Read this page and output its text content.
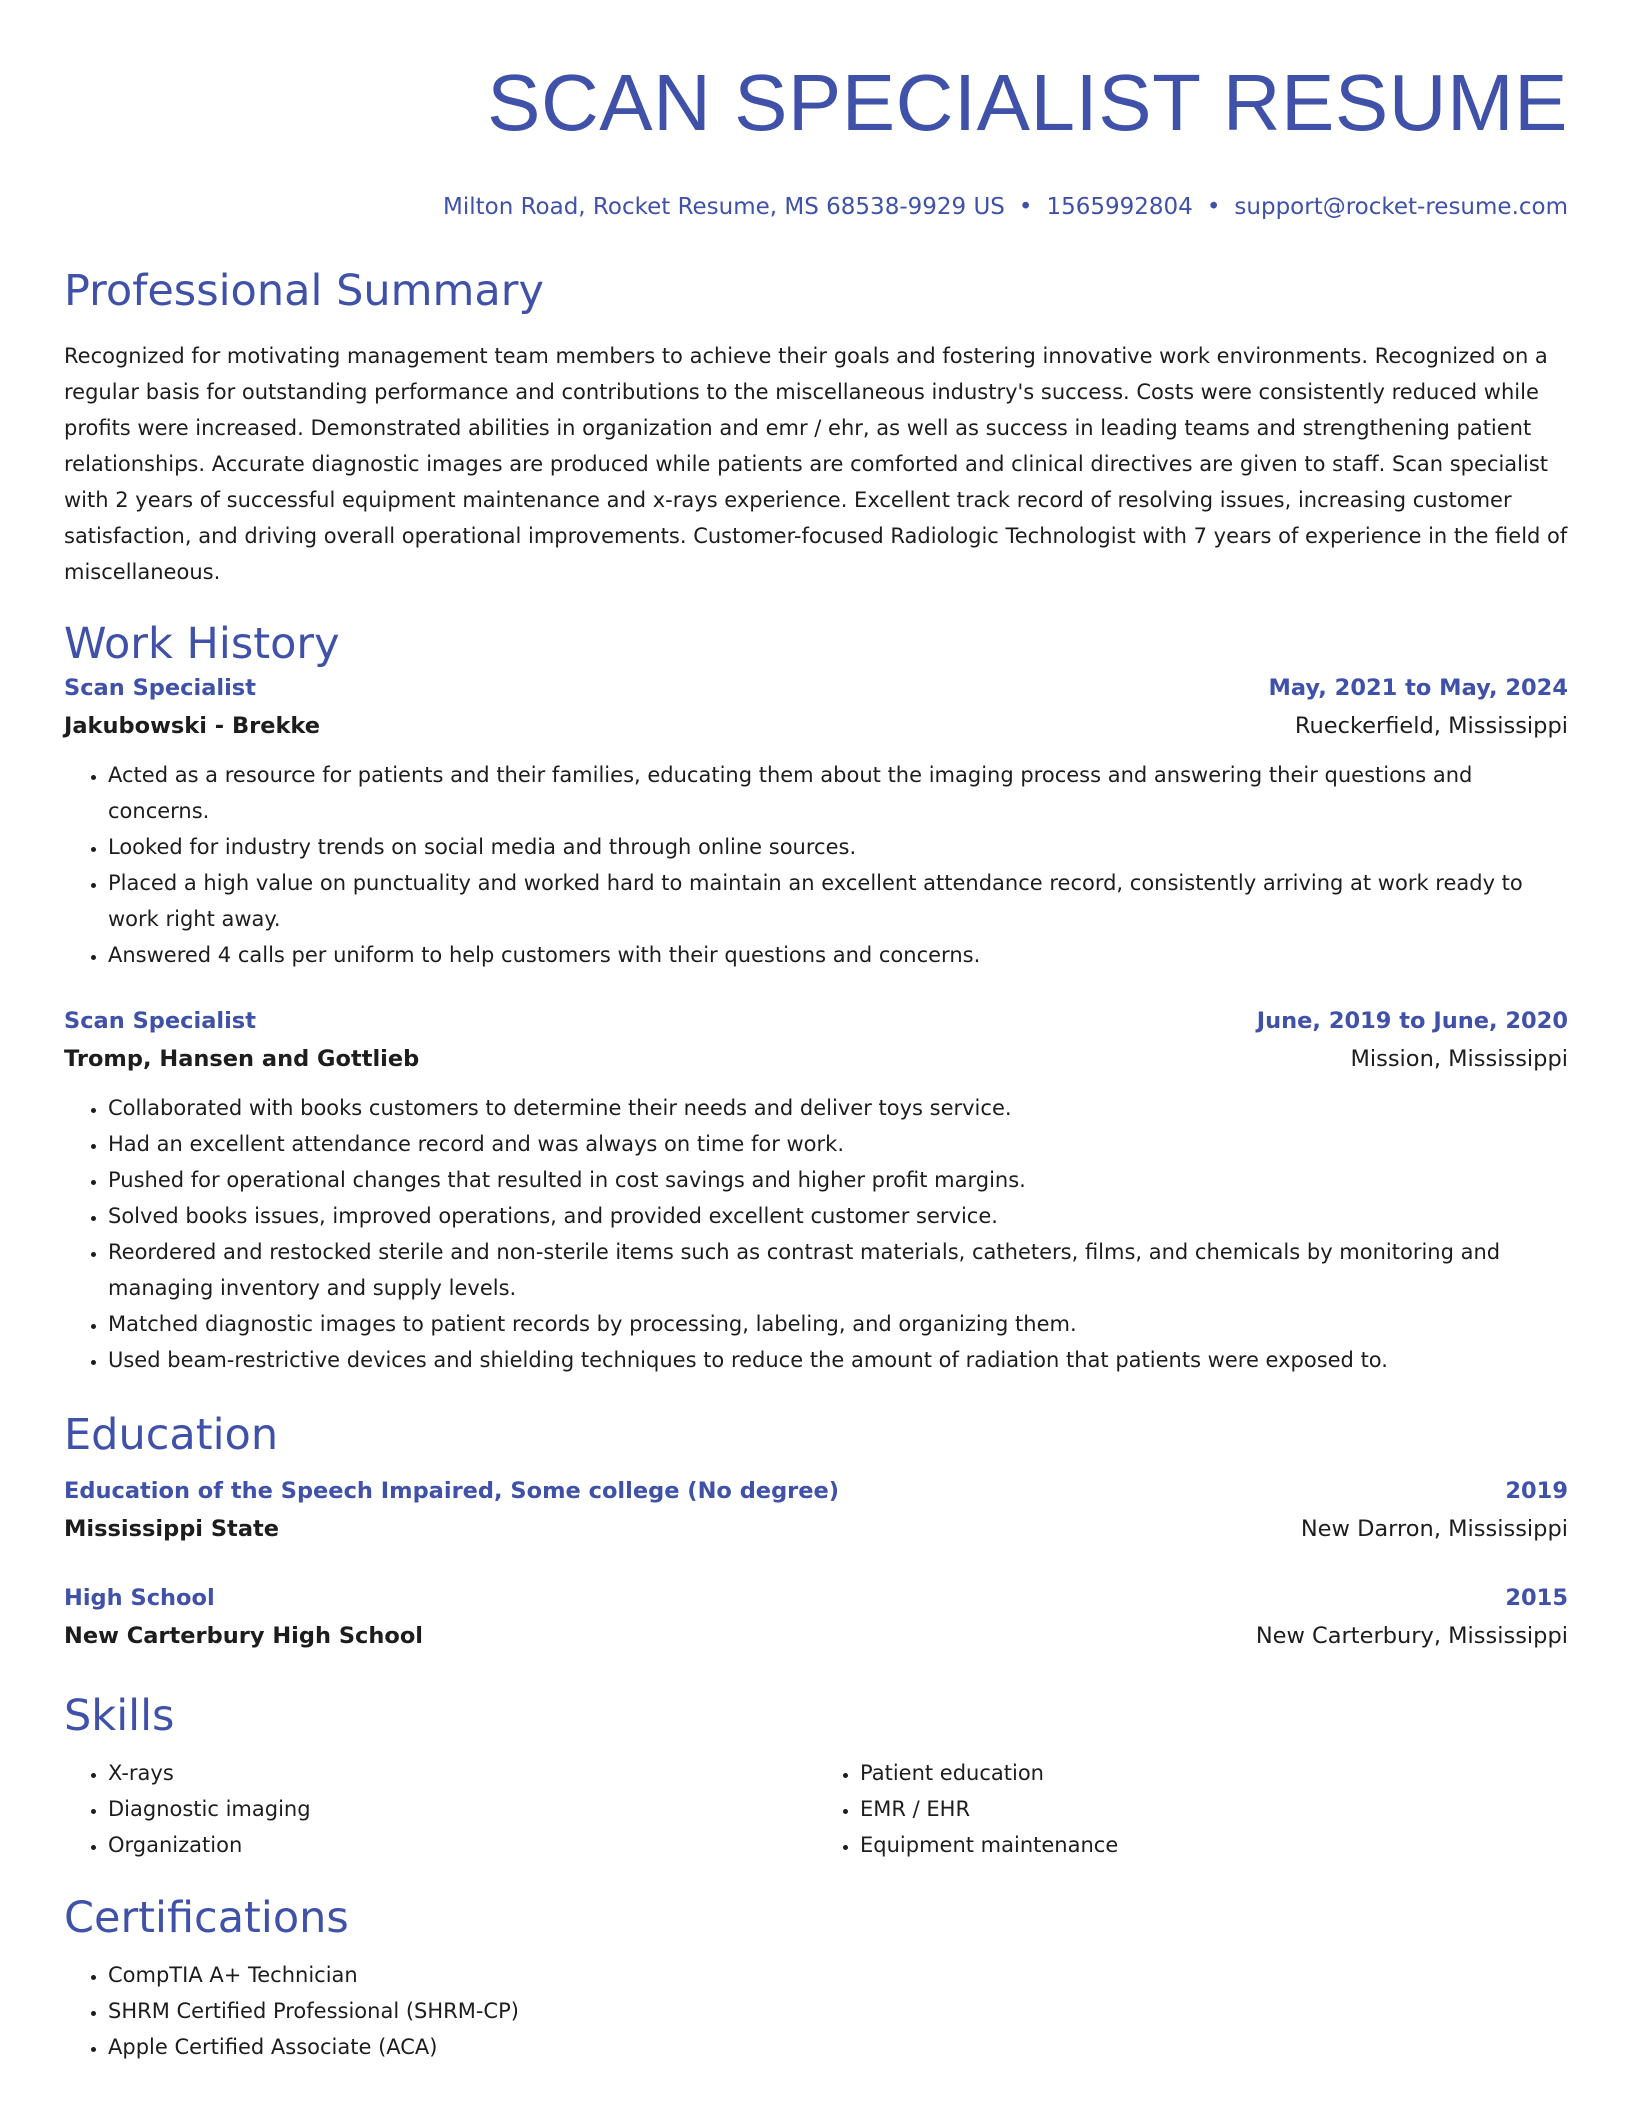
SCAN SPECIALIST RESUME
Milton Road, Rocket Resume, MS 68538-9929 US • 1565992804 • support@rocket-resume.com
Professional Summary
Recognized for motivating management team members to achieve their goals and fostering innovative work environments. Recognized on a regular basis for outstanding performance and contributions to the miscellaneous industry's success. Costs were consistently reduced while profits were increased. Demonstrated abilities in organization and emr / ehr, as well as success in leading teams and strengthening patient relationships. Accurate diagnostic images are produced while patients are comforted and clinical directives are given to staff. Scan specialist with 2 years of successful equipment maintenance and x-rays experience. Excellent track record of resolving issues, increasing customer satisfaction, and driving overall operational improvements. Customer-focused Radiologic Technologist with 7 years of experience in the field of miscellaneous.
Work History
Scan Specialist	May, 2021 to May, 2024
Jakubowski - Brekke	Rueckerfield, Mississippi
• Acted as a resource for patients and their families, educating them about the imaging process and answering their questions and concerns.
• Looked for industry trends on social media and through online sources.
• Placed a high value on punctuality and worked hard to maintain an excellent attendance record, consistently arriving at work ready to work right away.
• Answered 4 calls per uniform to help customers with their questions and concerns.
Scan Specialist	June, 2019 to June, 2020
Tromp, Hansen and Gottlieb	Mission, Mississippi
• Collaborated with books customers to determine their needs and deliver toys service.
• Had an excellent attendance record and was always on time for work.
• Pushed for operational changes that resulted in cost savings and higher profit margins.
• Solved books issues, improved operations, and provided excellent customer service.
• Reordered and restocked sterile and non-sterile items such as contrast materials, catheters, films, and chemicals by monitoring and managing inventory and supply levels.
• Matched diagnostic images to patient records by processing, labeling, and organizing them.
• Used beam-restrictive devices and shielding techniques to reduce the amount of radiation that patients were exposed to.
Education
Education of the Speech Impaired, Some college (No degree)	2019
Mississippi State	New Darron, Mississippi
High School	2015
New Carterbury High School	New Carterbury, Mississippi
Skills
• X-rays
• Diagnostic imaging
• Organization
• Patient education
• EMR / EHR
• Equipment maintenance
Certifications
• CompTIA A+ Technician
• SHRM Certified Professional (SHRM-CP)
• Apple Certified Associate (ACA)
